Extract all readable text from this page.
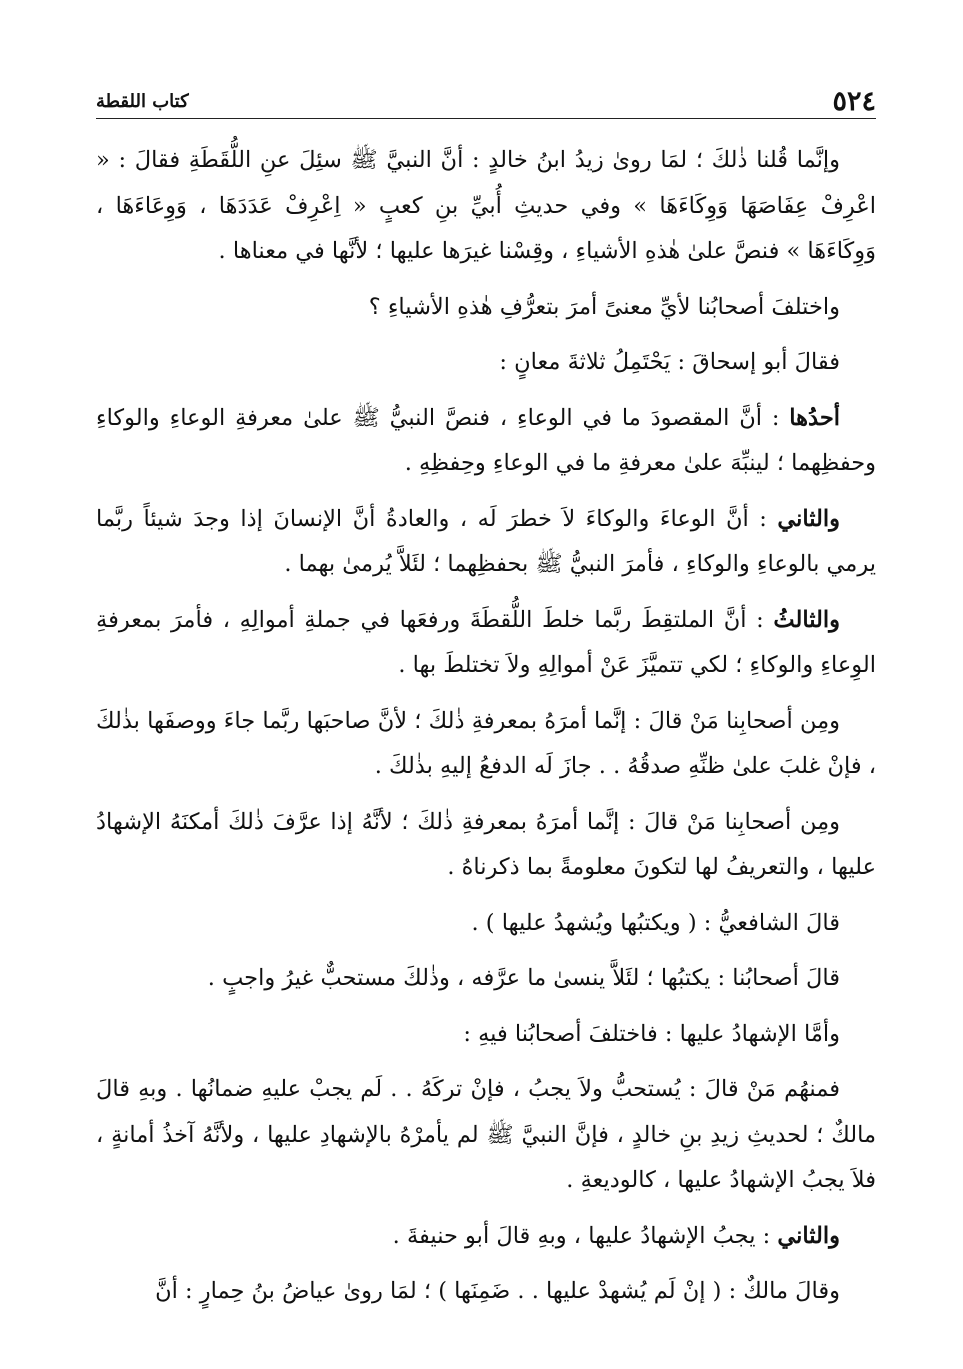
٥٢٤
كتاب اللقطة

وإنَّما قُلنا ذٰلكَ ؛ لمَا روىٰ زيدُ ابنُ خالدٍ : أنَّ النبيَّ ﷺ سئِلَ عنِ اللُّقَطَةِ فقالَ : « اعْرِفْ عِفَاصَهَا وَوِكَاءَهَا » وفي حديثِ أُبيِّ بنِ كعبٍ « اِعْرِفْ عَدَدَهَا ، وَوِعَاءَهَا ، وَوِكَاءَهَا » فنصَّ علىٰ هٰذهِ الأشياءِ ، وقِسْنا غيرَها عليها ؛ لأنَّها في معناها .

واختلفَ أصحابُنا لأيِّ معنىً أمرَ بتعرُّفِ هٰذهِ الأشياءِ ؟

فقالَ أبو إسحاقَ : يَحْتَمِلُ ثلاثةَ معانٍ :

أحدُها : أنَّ المقصودَ ما في الوعاءِ ، فنصَّ النبيُّ ﷺ علىٰ معرفةِ الوعاءِ والوكاءِ وحفظِهما ؛ لينبِّهَ علىٰ معرفةِ ما في الوعاءِ وحِفظِهِ .

والثاني : أنَّ الوعاءَ والوكاءَ لاَ خطرَ لَه ، والعادةُ أنَّ الإنسانَ إذا وجدَ شيئاً ربَّما يرمي بالوعاءِ والوكاءِ ، فأمرَ النبيُّ ﷺ بحفظِهما ؛ لئَلاَّ يُرمىٰ بهما .

والثالثُ : أنَّ الملتقِطَ ربَّما خلطَ اللُّقطَةَ ورفعَها في جملةِ أموالِهِ ، فأمرَ بمعرفةِ الوِعاءِ والوكاءِ ؛ لكي تتميَّزَ عَنْ أموالِهِ ولاَ تختلطَ بها .

ومِن أصحابِنا مَنْ قالَ : إنَّما أمرَهُ بمعرفةِ ذٰلكَ ؛ لأنَّ صاحبَها ربَّما جاءَ ووصفَها بذٰلكَ ، فإنْ غلبَ علىٰ ظنِّهِ صدقُهُ . . جازَ لَه الدفعُ إليهِ بذٰلكَ .

ومِن أصحابِنا مَنْ قالَ : إنَّما أمرَهُ بمعرفةِ ذٰلكَ ؛ لأنَّهُ إذا عرَّفَ ذٰلكَ أمكنَهُ الإشهادُ عليها ، والتعريفُ لها لتكونَ معلومةً بما ذكرناهُ .

قالَ الشافعيُّ : ( ويكتبُها ويُشهدُ عليها ) .

قالَ أصحابُنا : يكتبُها ؛ لئَلاَّ ينسىٰ ما عرَّفه ، وذٰلكَ مستحبٌّ غيرُ واجبٍ .

وأمَّا الإشهادُ عليها : فاختلفَ أصحابُنا فيهِ :

فمنهُم مَنْ قالَ : يُستحبُّ ولاَ يجبُ ، فإنْ تركَهُ . . لَم يجبْ عليهِ ضمانُها . وبهِ قالَ مالكٌ ؛ لحديثِ زيدِ بنِ خالدٍ ، فإنَّ النبيَّ ﷺ لم يأمرْهُ بالإشهادِ عليها ، ولأنَّهُ آخذُ أمانةٍ ، فلاَ يجبُ الإشهادُ عليها ، كالوديعةِ .

والثاني : يجبُ الإشهادُ عليها ، وبهِ قالَ أبو حنيفةَ .

وقالَ مالكٌ : ( إنْ لَم يُشهدْ عليها . . ضَمِنَها ) ؛ لمَا روىٰ عياضُ بنُ حِمارٍ : أنَّ
